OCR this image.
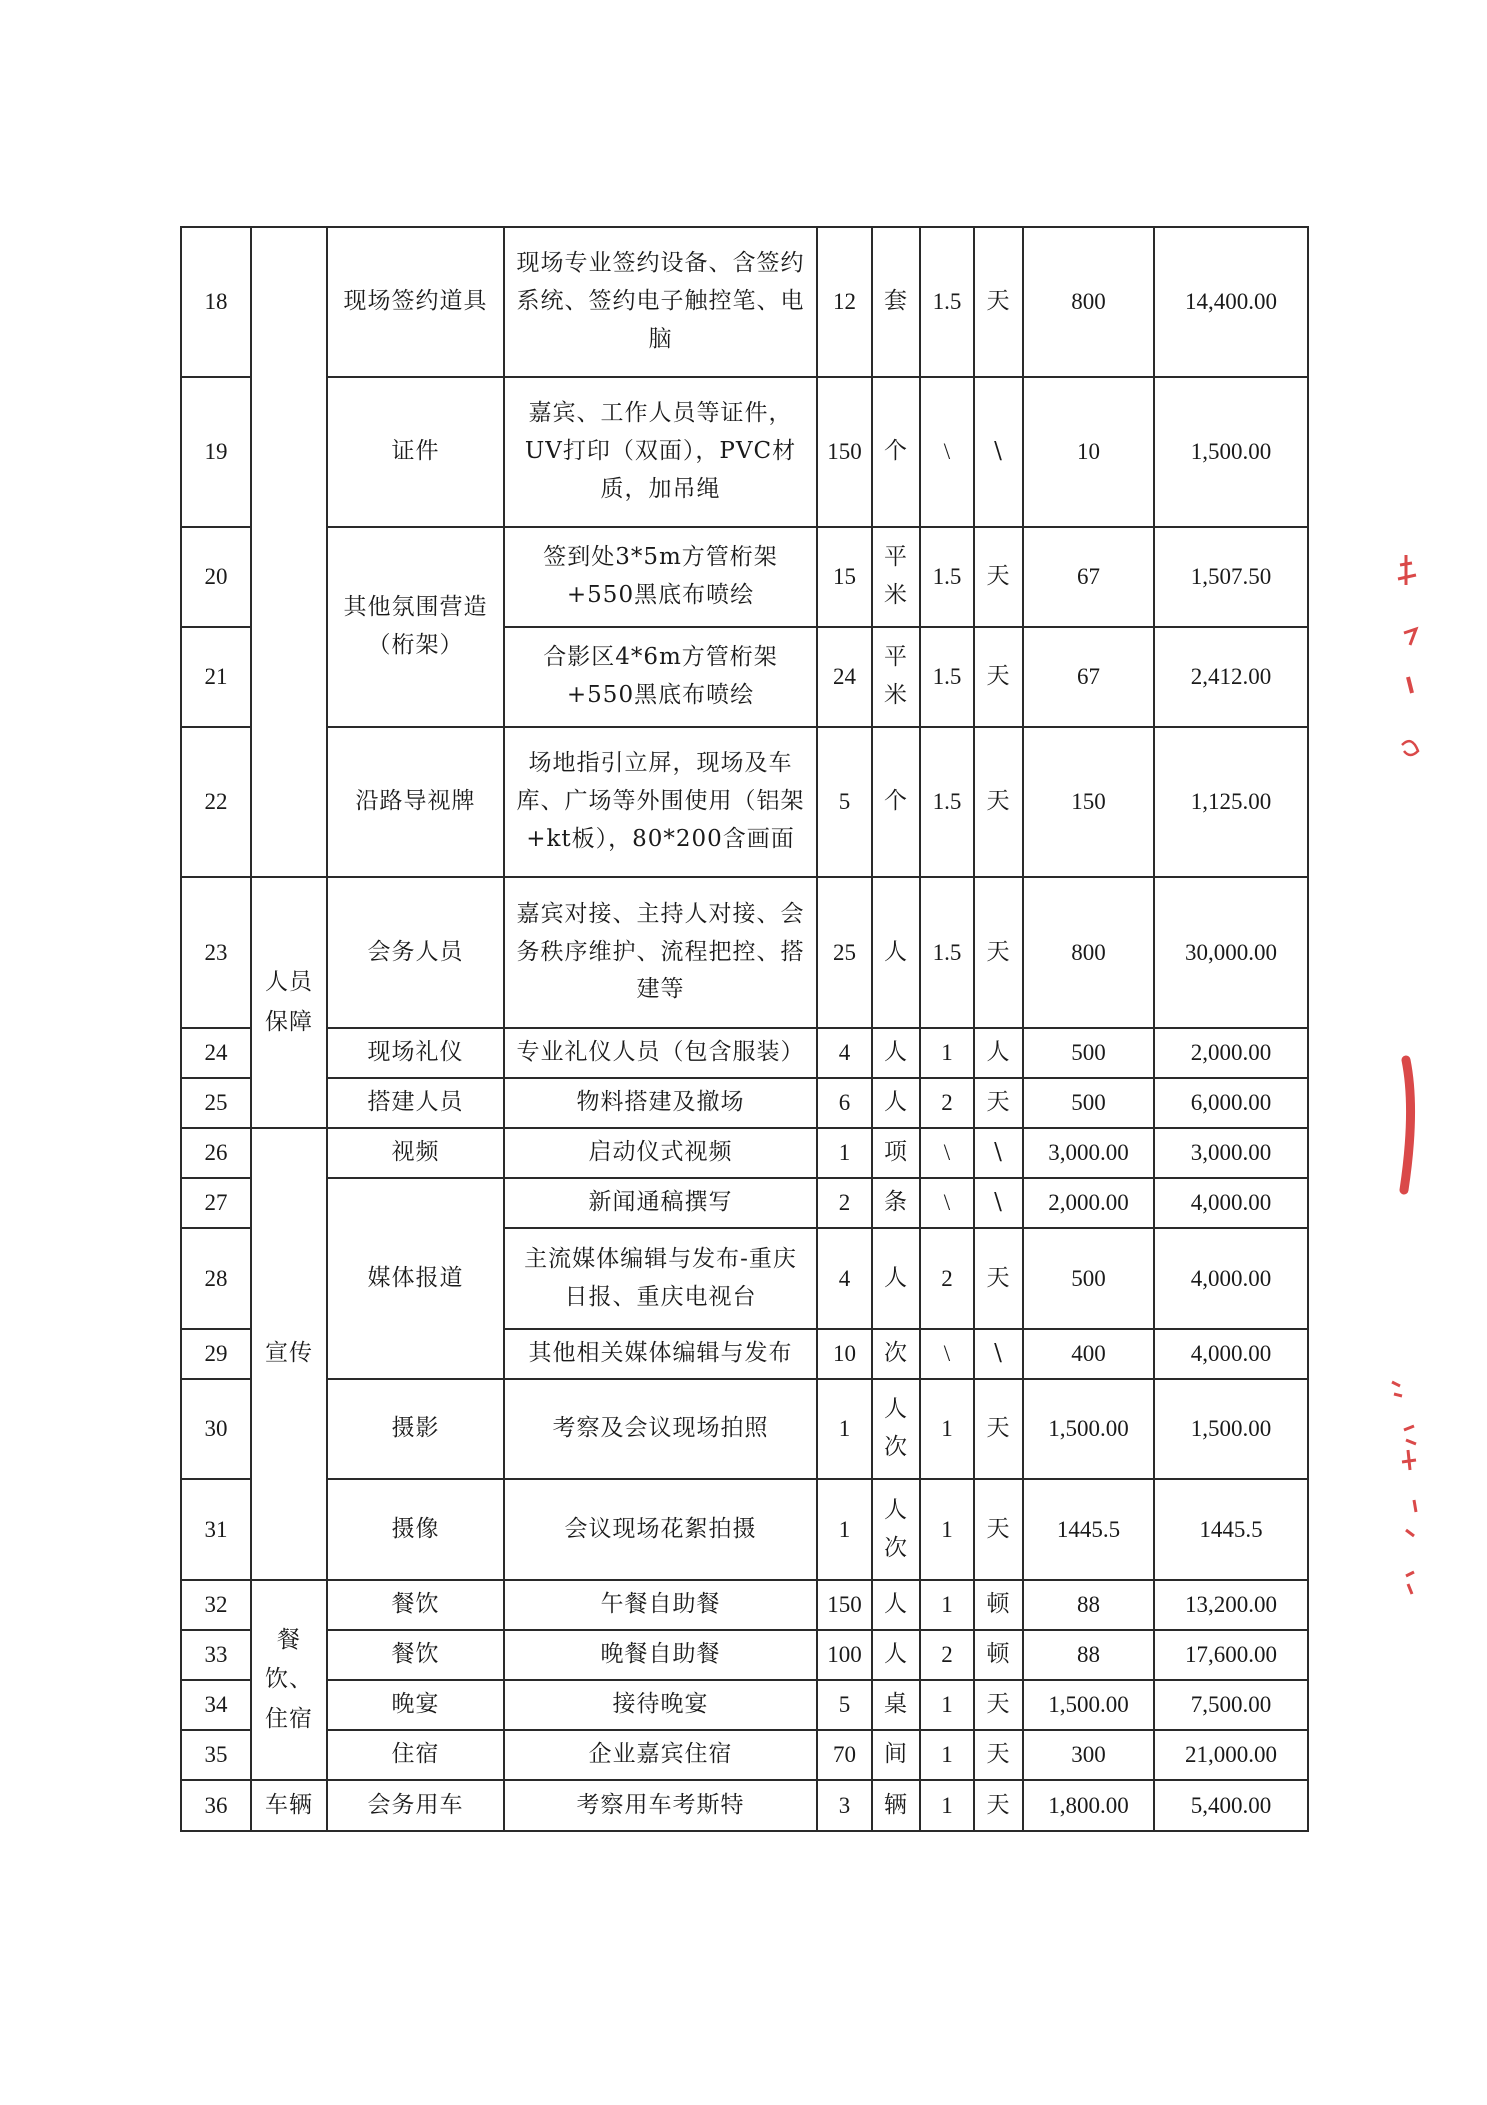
18		现场签约道具	现场专业签约设备、含签约系统、签约电子触控笔、电脑	12	套	1.5	天	800	14,400.00
19		证件	嘉宾、工作人员等证件，UV打印（双面），PVC材质，加吊绳	150	个	\	\	10	1,500.00
20		其他氛围营造（桁架）	签到处3*5m方管桁架+550黑底布喷绘	15	平米	1.5	天	67	1,507.50
21			合影区4*6m方管桁架+550黑底布喷绘	24	平米	1.5	天	67	2,412.00
22		沿路导视牌	场地指引立屏，现场及车库、广场等外围使用（铝架+kt板），80*200含画面	5	个	1.5	天	150	1,125.00
23	人员保障	会务人员	嘉宾对接、主持人对接、会务秩序维护、流程把控、搭建等	25	人	1.5	天	800	30,000.00
24		现场礼仪	专业礼仪人员（包含服装）	4	人	1	人	500	2,000.00
25		搭建人员	物料搭建及撤场	6	人	2	天	500	6,000.00
26	宣传	视频	启动仪式视频	1	项	\	\	3,000.00	3,000.00
27		媒体报道	新闻通稿撰写	2	条	\	\	2,000.00	4,000.00
28			主流媒体编辑与发布-重庆日报、重庆电视台	4	人	2	天	500	4,000.00
29			其他相关媒体编辑与发布	10	次	\	\	400	4,000.00
30		摄影	考察及会议现场拍照	1	人次	1	天	1,500.00	1,500.00
31		摄像	会议现场花絮拍摄	1	人次	1	天	1445.5	1445.5
32	餐饮、住宿	餐饮	午餐自助餐	150	人	1	顿	88	13,200.00
33		餐饮	晚餐自助餐	100	人	2	顿	88	17,600.00
34		晚宴	接待晚宴	5	桌	1	天	1,500.00	7,500.00
35		住宿	企业嘉宾住宿	70	间	1	天	300	21,000.00
36	车辆	会务用车	考察用车考斯特	3	辆	1	天	1,800.00	5,400.00
